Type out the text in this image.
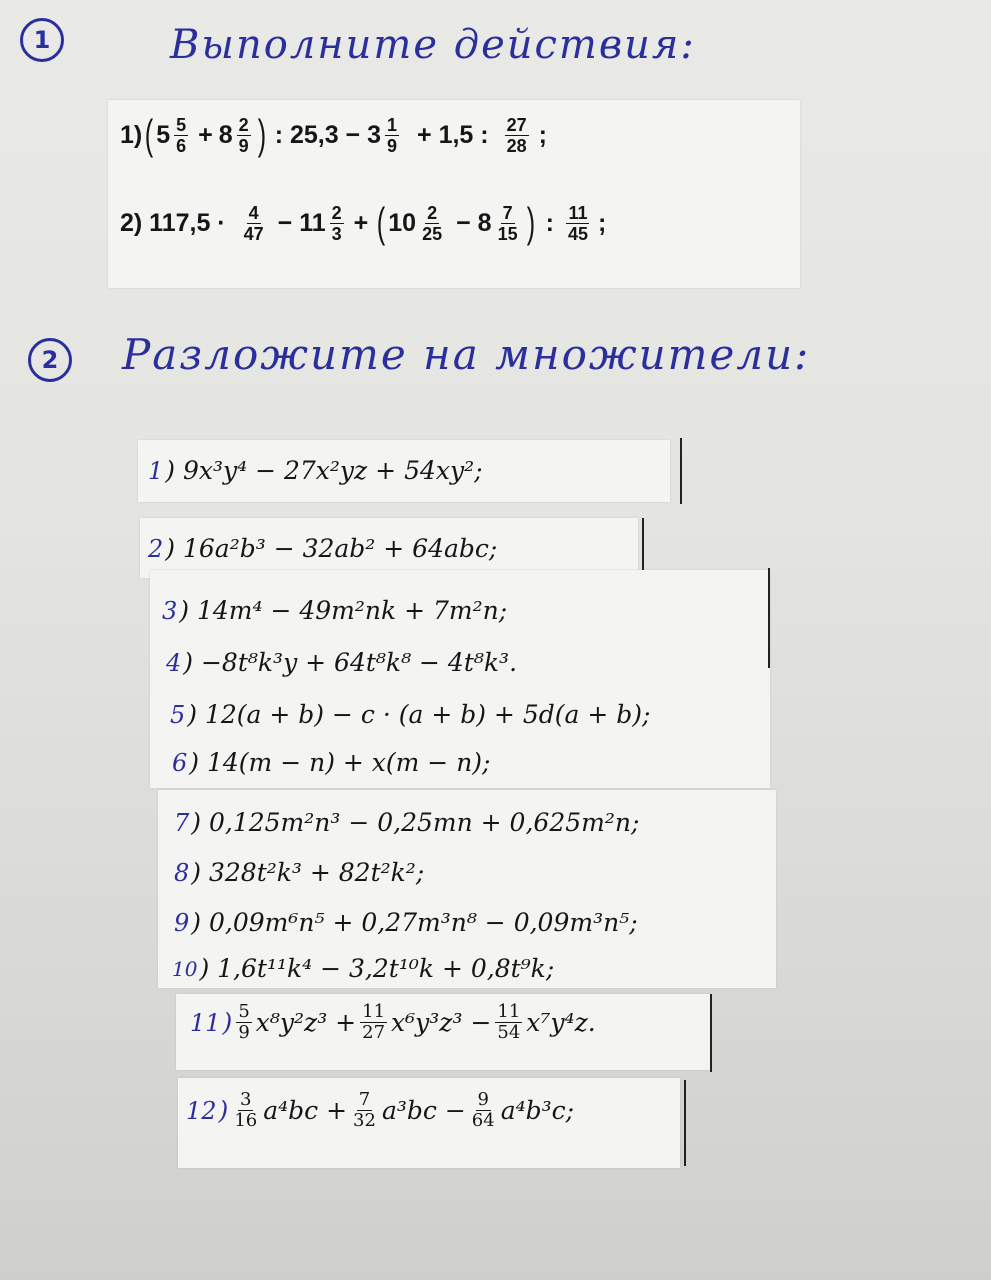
1	Выполните действия:
1) ( $5 \frac{5}{6} + 8 \frac{2}{9}$ ) : $25,3 - 3 \frac{1}{9} + 1,5$ : $\frac{27}{28}$ ;
2) $117,5 \cdot \frac{4}{47} - 11 \frac{2}{3}$ + ( $10 \frac{2}{25} - 8 \frac{7}{15}$ ) : $\frac{11}{45}$ ;
2	Разложите на множители:
1 ) 9x³y⁴ − 27x²yz + 54xy²;
2 ) 16a²b³ − 32ab² + 64abc;
3 ) 14m⁴ − 49m²nk + 7m²n;
4 ) −8t⁸k³y + 64t⁸k⁸ − 4t⁸k³.
5 ) 12(a + b) − c · (a + b) + 5d(a + b);
6 ) 14(m − n) + x(m − n);
7 ) 0,125m²n³ − 0,25mn + 0,625m²n;
8 ) 328t²k³ + 82t²k²;
9 ) 0,09m⁶n⁵ + 0,27m³n⁸ − 0,09m³n⁵;
10 ) 1,6t¹¹k⁴ − 3,2t¹⁰k + 0,8t⁹k;
11 ) $\frac{5}{9} x^8y^2z^3 + \frac{11}{27} x^6y^3z^3 - \frac{11}{54} x^7y^4z$.
12 ) $\frac{3}{16} a^4bc + \frac{7}{32} a^3bc - \frac{9}{64} a^4b^3c$;
